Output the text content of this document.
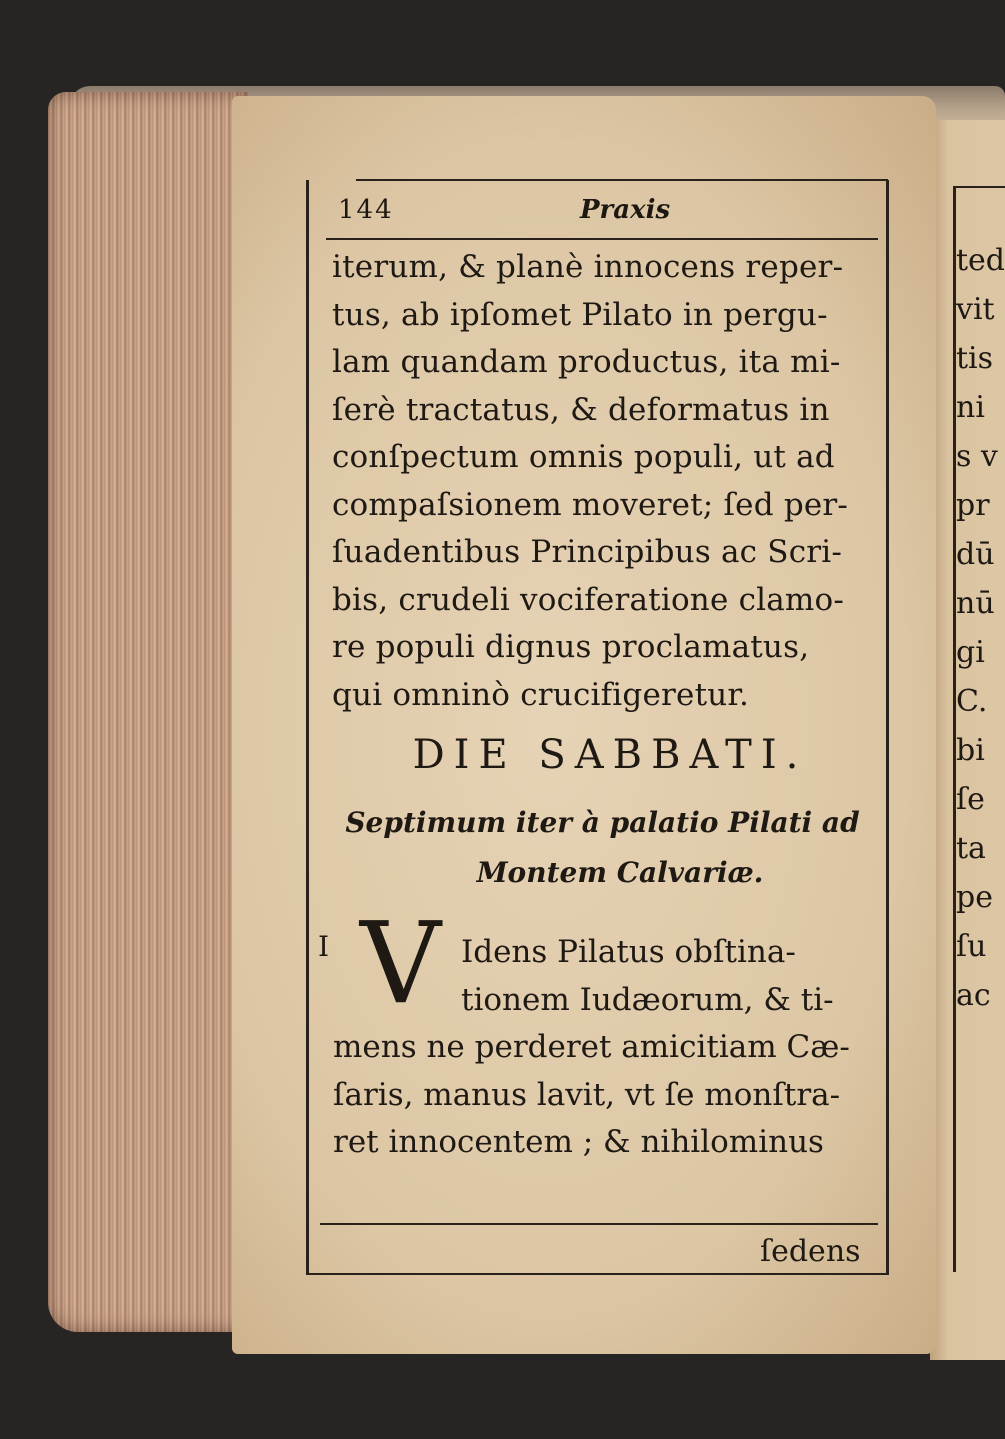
144	Praxis
iterum, & planè innocens reper-
tus, ab ipſomet Pilato in pergu-
lam quandam productus, ita mi-
ſerè tractatus, & deformatus in
conſpectum omnis populi, ut ad
compaſsionem moveret; ſed per-
ſuadentibus Principibus ac Scri-
bis, crudeli vociferatione clamo-
re populi dignus proclamatus,
qui omninò crucifigeretur.
DIE SABBATI.
Septimum iter à palatio Pilati ad
Montem Calvariæ.
I V Idens Pilatus obſtina-
tionem Iudæorum, & ti-
mens ne perderet amicitiam Cæ-
ſaris, manus lavit, vt ſe monſtra-
ret innocentem ; & nihilominus
ſedens
ted
vit
tis
ni
s v
pr
dū
nū
gi
C.
bi
ſe
ta
pe
ſu
ac
